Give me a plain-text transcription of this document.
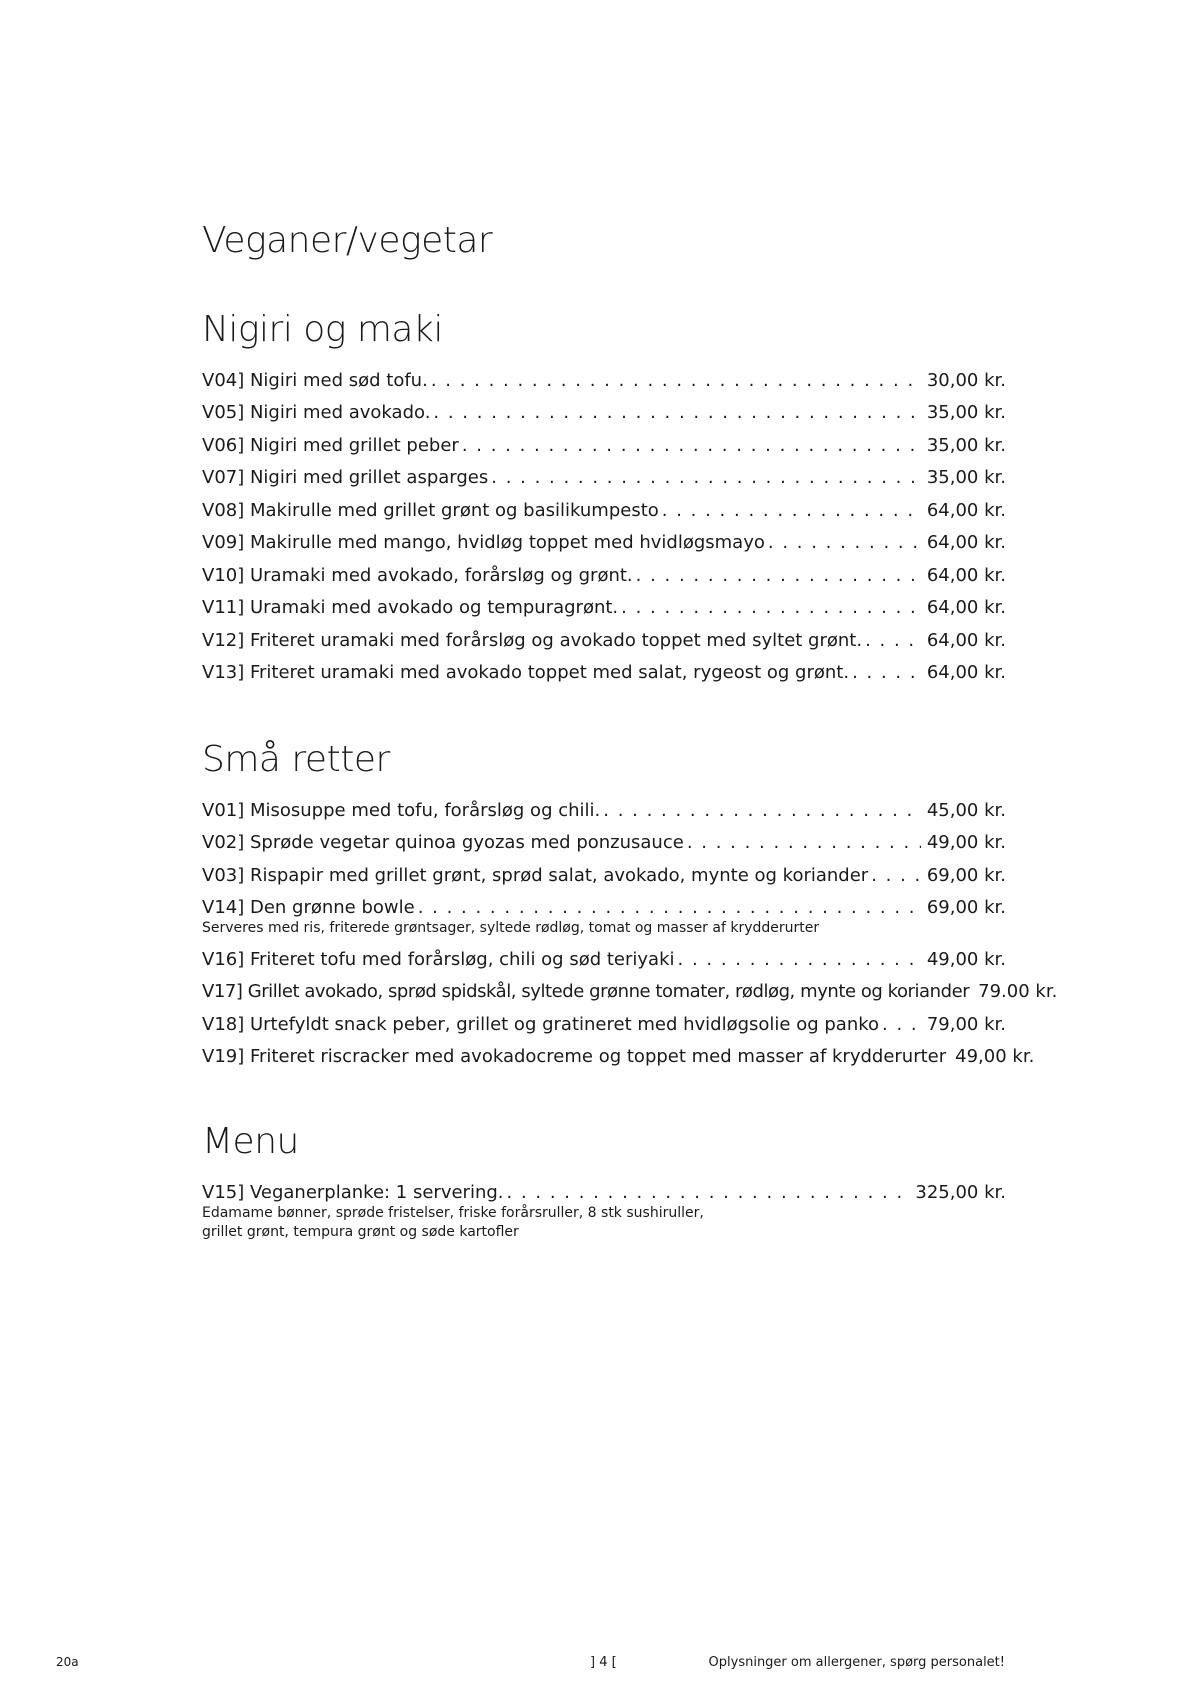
Veganer/vegetar
Nigiri og maki
V04] Nigiri med sød tofu. . . .	30,00 kr.
V05] Nigiri med avokado. . . .	35,00 kr.
V06] Nigiri med grillet peber . . .	35,00 kr.
V07] Nigiri med grillet asparges . . .	35,00 kr.
V08] Makirulle med grillet grønt og basilikumpesto . . .	64,00 kr.
V09] Makirulle med mango, hvidløg toppet med hvidløgsmayo . . .	64,00 kr.
V10] Uramaki med avokado, forårsløg og grønt. . . .	64,00 kr.
V11] Uramaki med avokado og tempuragrønt. . . .	64,00 kr.
V12] Friteret uramaki med forårsløg og avokado toppet med syltet grønt. . . .	64,00 kr.
V13] Friteret uramaki med avokado toppet med salat, rygeost og grønt. . . .	64,00 kr.
Små retter
V01] Misosuppe med tofu, forårsløg og chili. . . .	45,00 kr.
V02] Sprøde vegetar quinoa gyozas med ponzusauce . . .	49,00 kr.
V03] Rispapir med grillet grønt, sprød salat, avokado, mynte og koriander . . .	69,00 kr.
V14] Den grønne bowle . . .	69,00 kr.
Serveres med ris, friterede grøntsager, syltede rødløg, tomat og masser af krydderurter
V16] Friteret tofu med forårsløg, chili og sød teriyaki . . .	49,00 kr.
V17] Grillet avokado, sprød spidskål, syltede grønne tomater, rødløg, mynte og koriander . . . 79.00 kr.
V18] Urtefyldt snack peber, grillet og gratineret med hvidløgsolie og panko . . .	79,00 kr.
V19] Friteret riscracker med avokadocreme og toppet med masser af krydderurter . . . 49,00 kr.
Menu
V15] Veganerplanke: 1 servering. . . .	325,00 kr.
Edamame bønner, sprøde fristelser, friske forårsruller, 8 stk sushiruller,
grillet grønt, tempura grønt og søde kartofler
20a	] 4 [	Oplysninger om allergener, spørg personalet!
